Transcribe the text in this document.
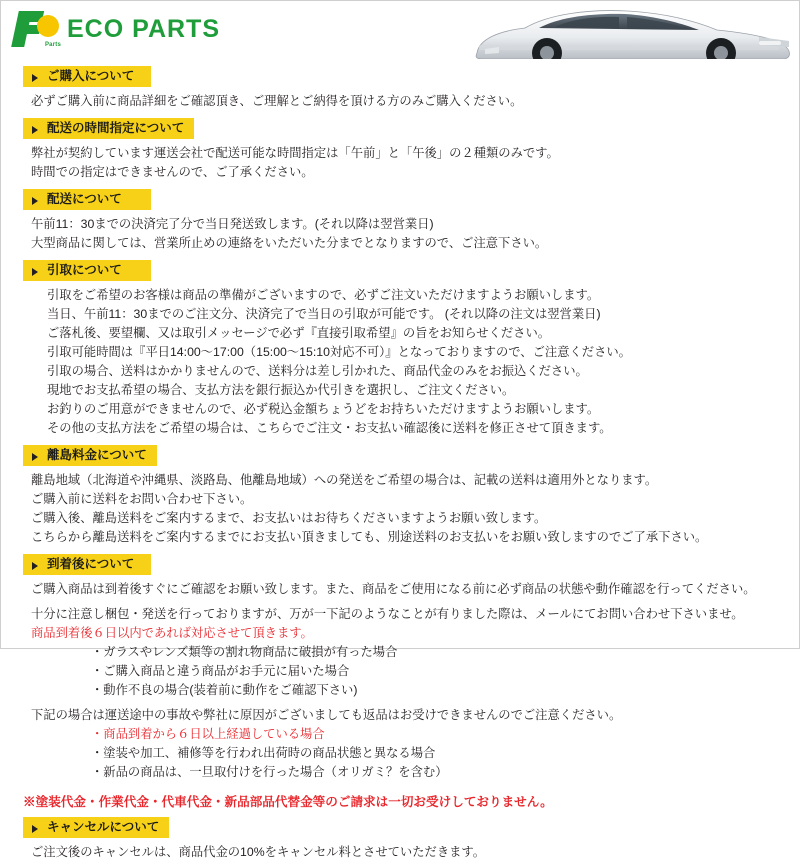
Parts
ECO PARTS
ご購入について

必ずご購入前に商品詳細をご確認頂き、ご理解とご納得を頂ける方のみご購入ください。

配送の時間指定について

弊社が契約しています運送会社で配送可能な時間指定は「午前」と「午後」の２種類のみです。

時間での指定はできませんので、ご了承ください。

配送について

午前11：30までの決済完了分で当日発送致します。(それ以降は翌営業日)

大型商品に関しては、営業所止めの連絡をいただいた分までとなりますので、ご注意下さい。

引取について

引取をご希望のお客様は商品の準備がございますので、必ずご注文いただけますようお願いします。

当日、午前11：30までのご注文分、決済完了で当日の引取が可能です。 (それ以降の注文は翌営業日)

ご落札後、要望欄、又は取引メッセージで必ず『直接引取希望』の旨をお知らせください。

引取可能時間は『平日14:00～17:00（15:00～15:10対応不可）』となっておりますので、ご注意ください。

引取の場合、送料はかかりませんので、送料分は差し引かれた、商品代金のみをお振込ください。

現地でお支払希望の場合、支払方法を銀行振込か代引きを選択し、ご注文ください。

お釣りのご用意ができませんので、必ず税込金額ちょうどをお持ちいただけますようお願いします。

その他の支払方法をご希望の場合は、こちらでご注文・お支払い確認後に送料を修正させて頂きます。

離島料金について

離島地域（北海道や沖縄県、淡路島、他離島地域）への発送をご希望の場合は、記載の送料は適用外となります。

ご購入前に送料をお問い合わせ下さい。

ご購入後、離島送料をご案内するまで、お支払いはお待ちくださいますようお願い致します。

こちらから離島送料をご案内するまでにお支払い頂きましても、別途送料のお支払いをお願い致しますのでご了承下さい。

到着後について

ご購入商品は到着後すぐにご確認をお願い致します。また、商品をご使用になる前に必ず商品の状態や動作確認を行ってください。

十分に注意し梱包・発送を行っておりますが、万が一下記のようなことが有りました際は、メールにてお問い合わせ下さいませ。

商品到着後６日以内であれば対応させて頂きます。

・ガラスやレンズ類等の割れ物商品に破損が有った場合

・ご購入商品と違う商品がお手元に届いた場合

・動作不良の場合(装着前に動作をご確認下さい)

下記の場合は運送途中の事故や弊社に原因がございましても返品はお受けできませんのでご注意ください。

・商品到着から６日以上経過している場合

・塗装や加工、補修等を行われ出荷時の商品状態と異なる場合

・新品の商品は、一旦取付けを行った場合（オリガミ？を含む）

※塗装代金・作業代金・代車代金・新品部品代替金等のご請求は一切お受けしておりません。
キャンセルについて

ご注文後のキャンセルは、商品代金の10%をキャンセル料とさせていただきます。
